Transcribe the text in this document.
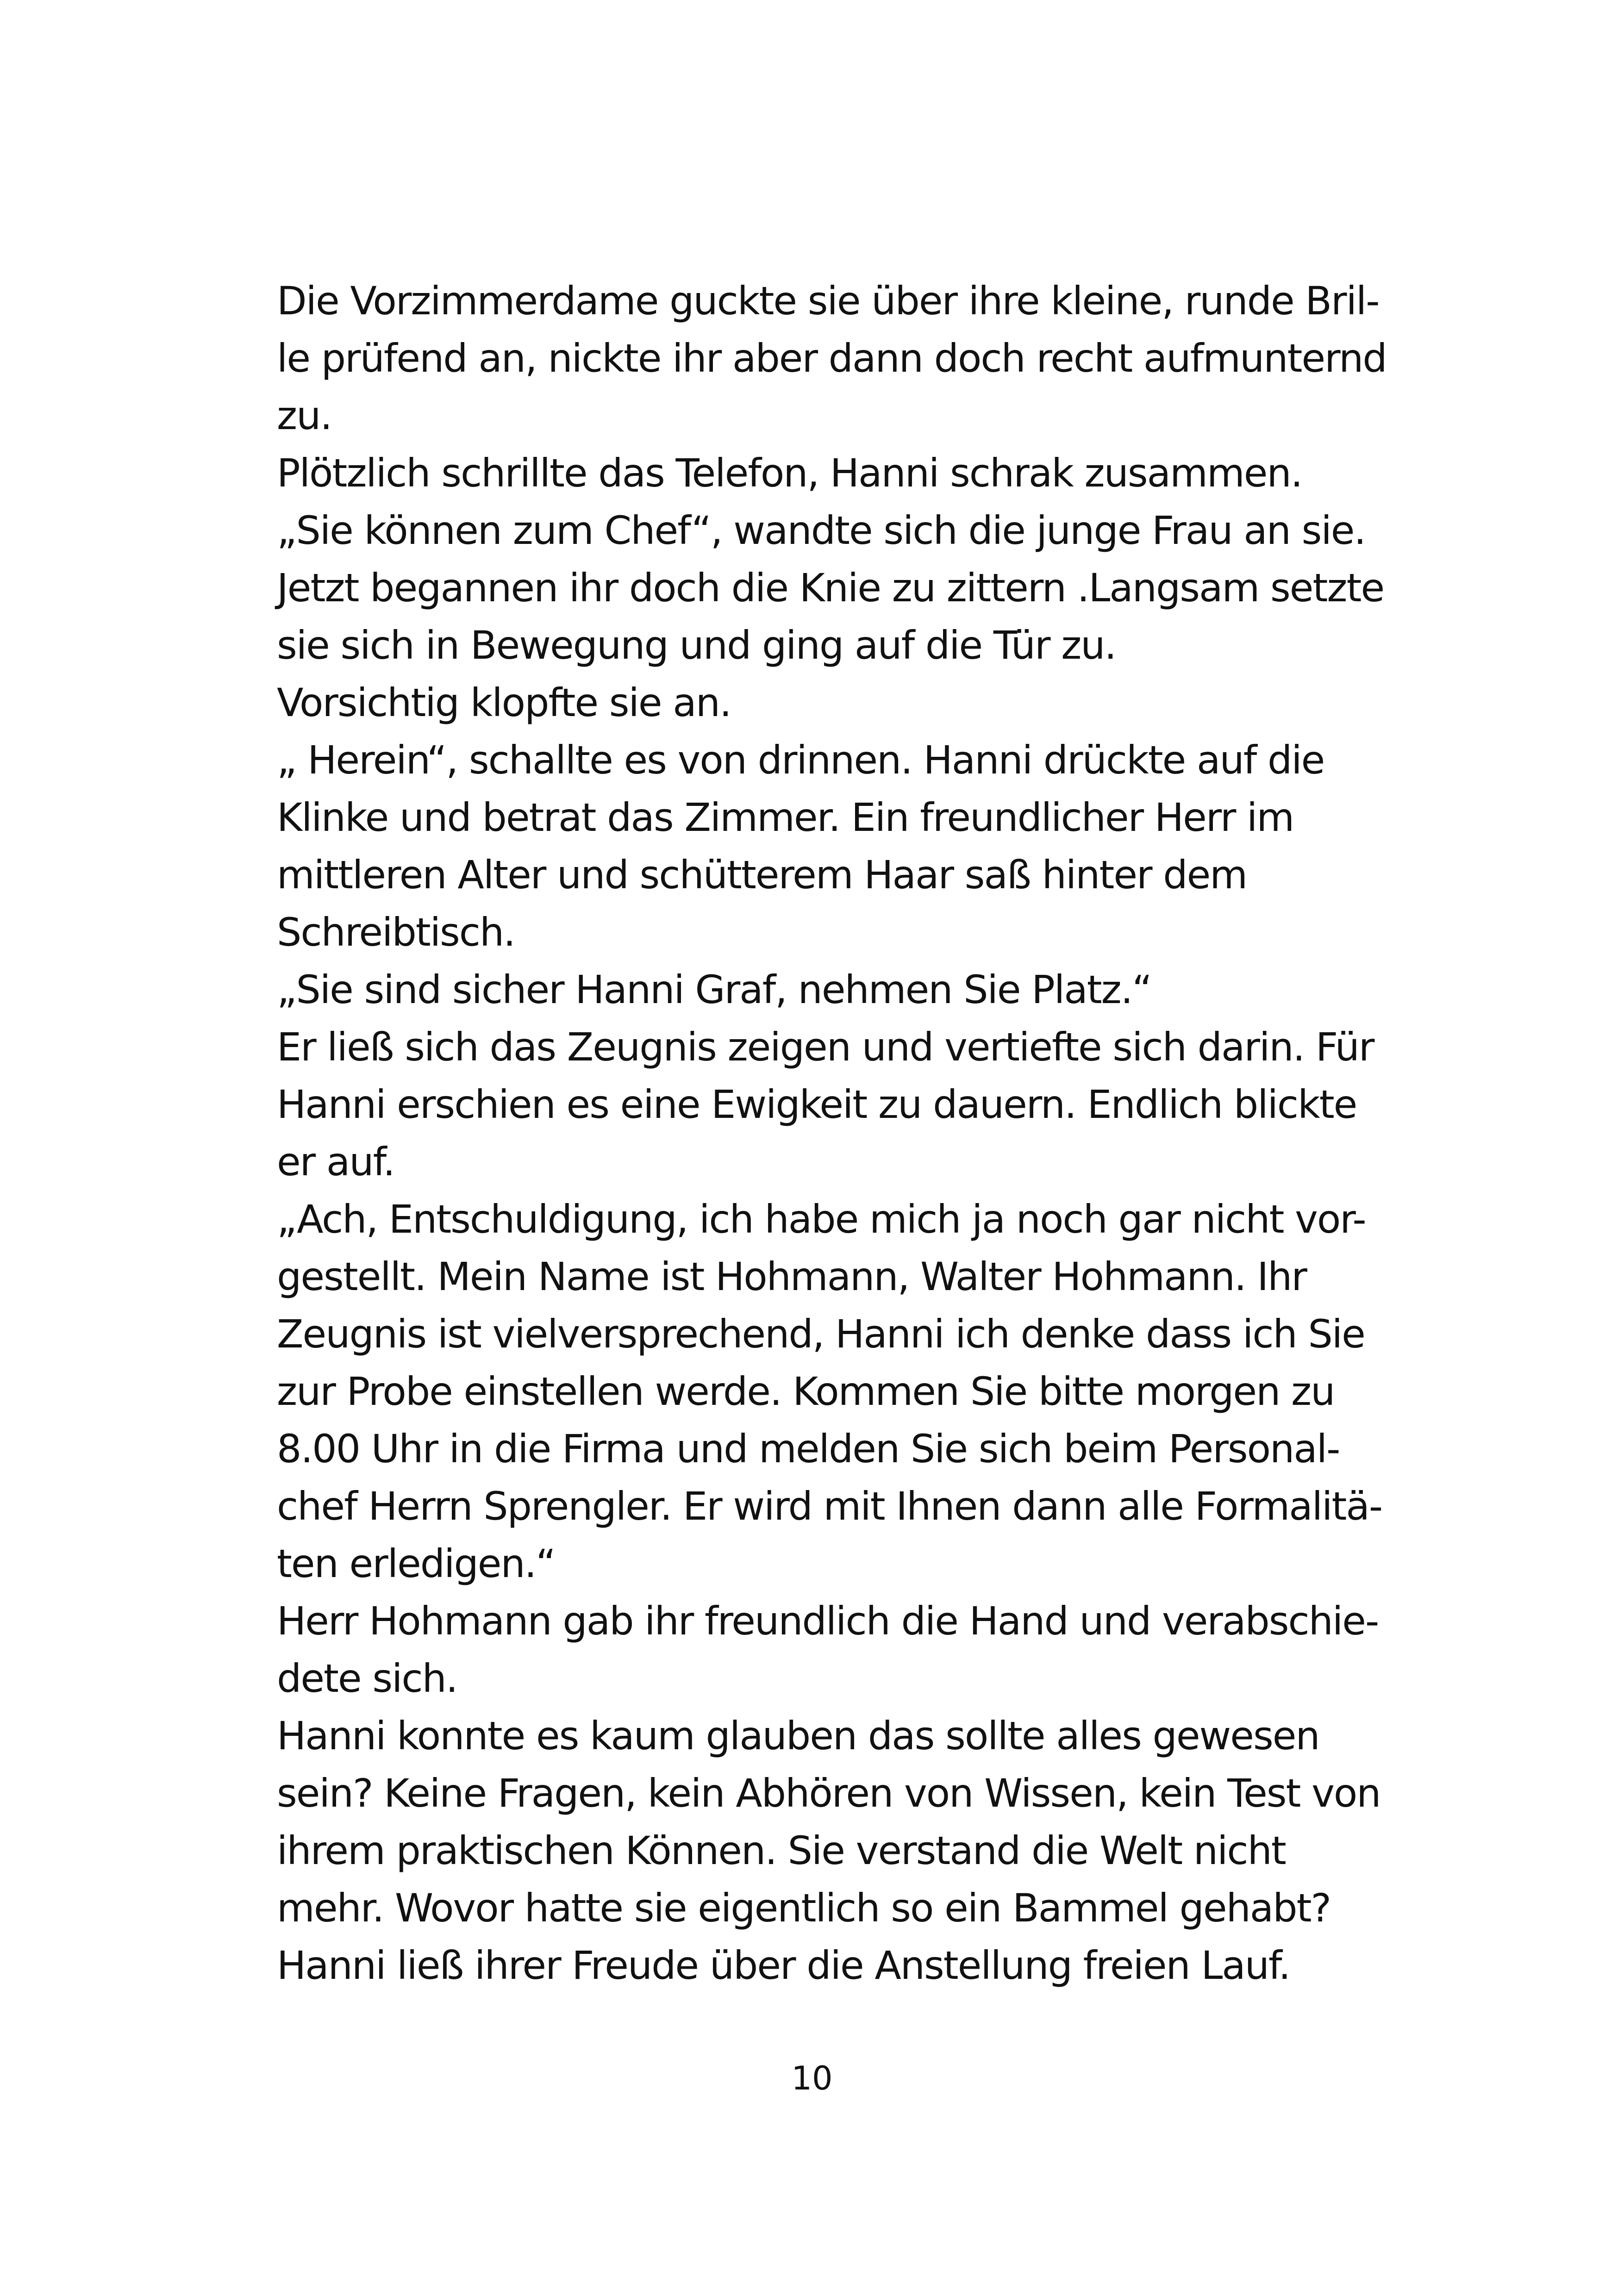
Die Vorzimmerdame guckte sie über ihre kleine, runde Bril-
le prüfend an, nickte ihr aber dann doch recht aufmunternd
zu.
Plötzlich schrillte das Telefon, Hanni schrak zusammen.
„Sie können zum Chef“, wandte sich die junge Frau an sie.
Jetzt begannen ihr doch die Knie zu zittern .Langsam setzte
sie sich in Bewegung und ging auf die Tür zu.
Vorsichtig klopfte sie an.
„ Herein“, schallte es von drinnen. Hanni drückte auf die
Klinke und betrat das Zimmer. Ein freundlicher Herr im
mittleren Alter und schütterem Haar saß hinter dem
Schreibtisch.
„Sie sind sicher Hanni Graf, nehmen Sie Platz.“
Er ließ sich das Zeugnis zeigen und vertiefte sich darin. Für
Hanni erschien es eine Ewigkeit zu dauern. Endlich blickte
er auf.
„Ach, Entschuldigung, ich habe mich ja noch gar nicht vor-
gestellt. Mein Name ist Hohmann, Walter Hohmann. Ihr
Zeugnis ist vielversprechend, Hanni ich denke dass ich Sie
zur Probe einstellen werde. Kommen Sie bitte morgen zu
8.00 Uhr in die Firma und melden Sie sich beim Personal-
chef Herrn Sprengler. Er wird mit Ihnen dann alle Formalitä-
ten erledigen.“
Herr Hohmann gab ihr freundlich die Hand und verabschie-
dete sich.
Hanni konnte es kaum glauben das sollte alles gewesen
sein? Keine Fragen, kein Abhören von Wissen, kein Test von
ihrem praktischen Können. Sie verstand die Welt nicht
mehr. Wovor hatte sie eigentlich so ein Bammel gehabt?
Hanni ließ ihrer Freude über die Anstellung freien Lauf.
10
